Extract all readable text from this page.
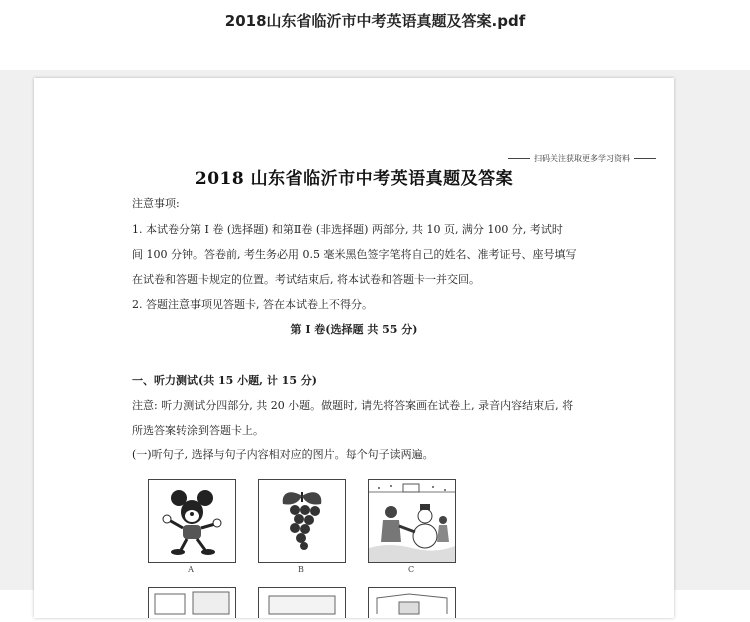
2018山东省临沂市中考英语真题及答案.pdf
扫码关注获取更多学习资料
2018 山东省临沂市中考英语真题及答案
注意事项:
1. 本试卷分第 I 卷 (选择题) 和第Ⅱ卷 (非选择题) 两部分, 共 10 页, 满分 100 分, 考试时
间 100 分钟。答卷前, 考生务必用 0.5 毫米黑色签字笔将自己的姓名、准考证号、座号填写
在试卷和答题卡规定的位置。考试结束后, 将本试卷和答题卡一并交回。
2. 答题注意事项见答题卡, 答在本试卷上不得分。
第 I 卷(选择题 共 55 分)
一、听力测试(共 15 小题, 计 15 分)
注意: 听力测试分四部分, 共 20 小题。做题时, 请先将答案画在试卷上, 录音内容结束后, 将
所选答案转涂到答题卡上。
(一)听句子, 选择与句子内容相对应的图片。每个句子读两遍。
A	B	C
